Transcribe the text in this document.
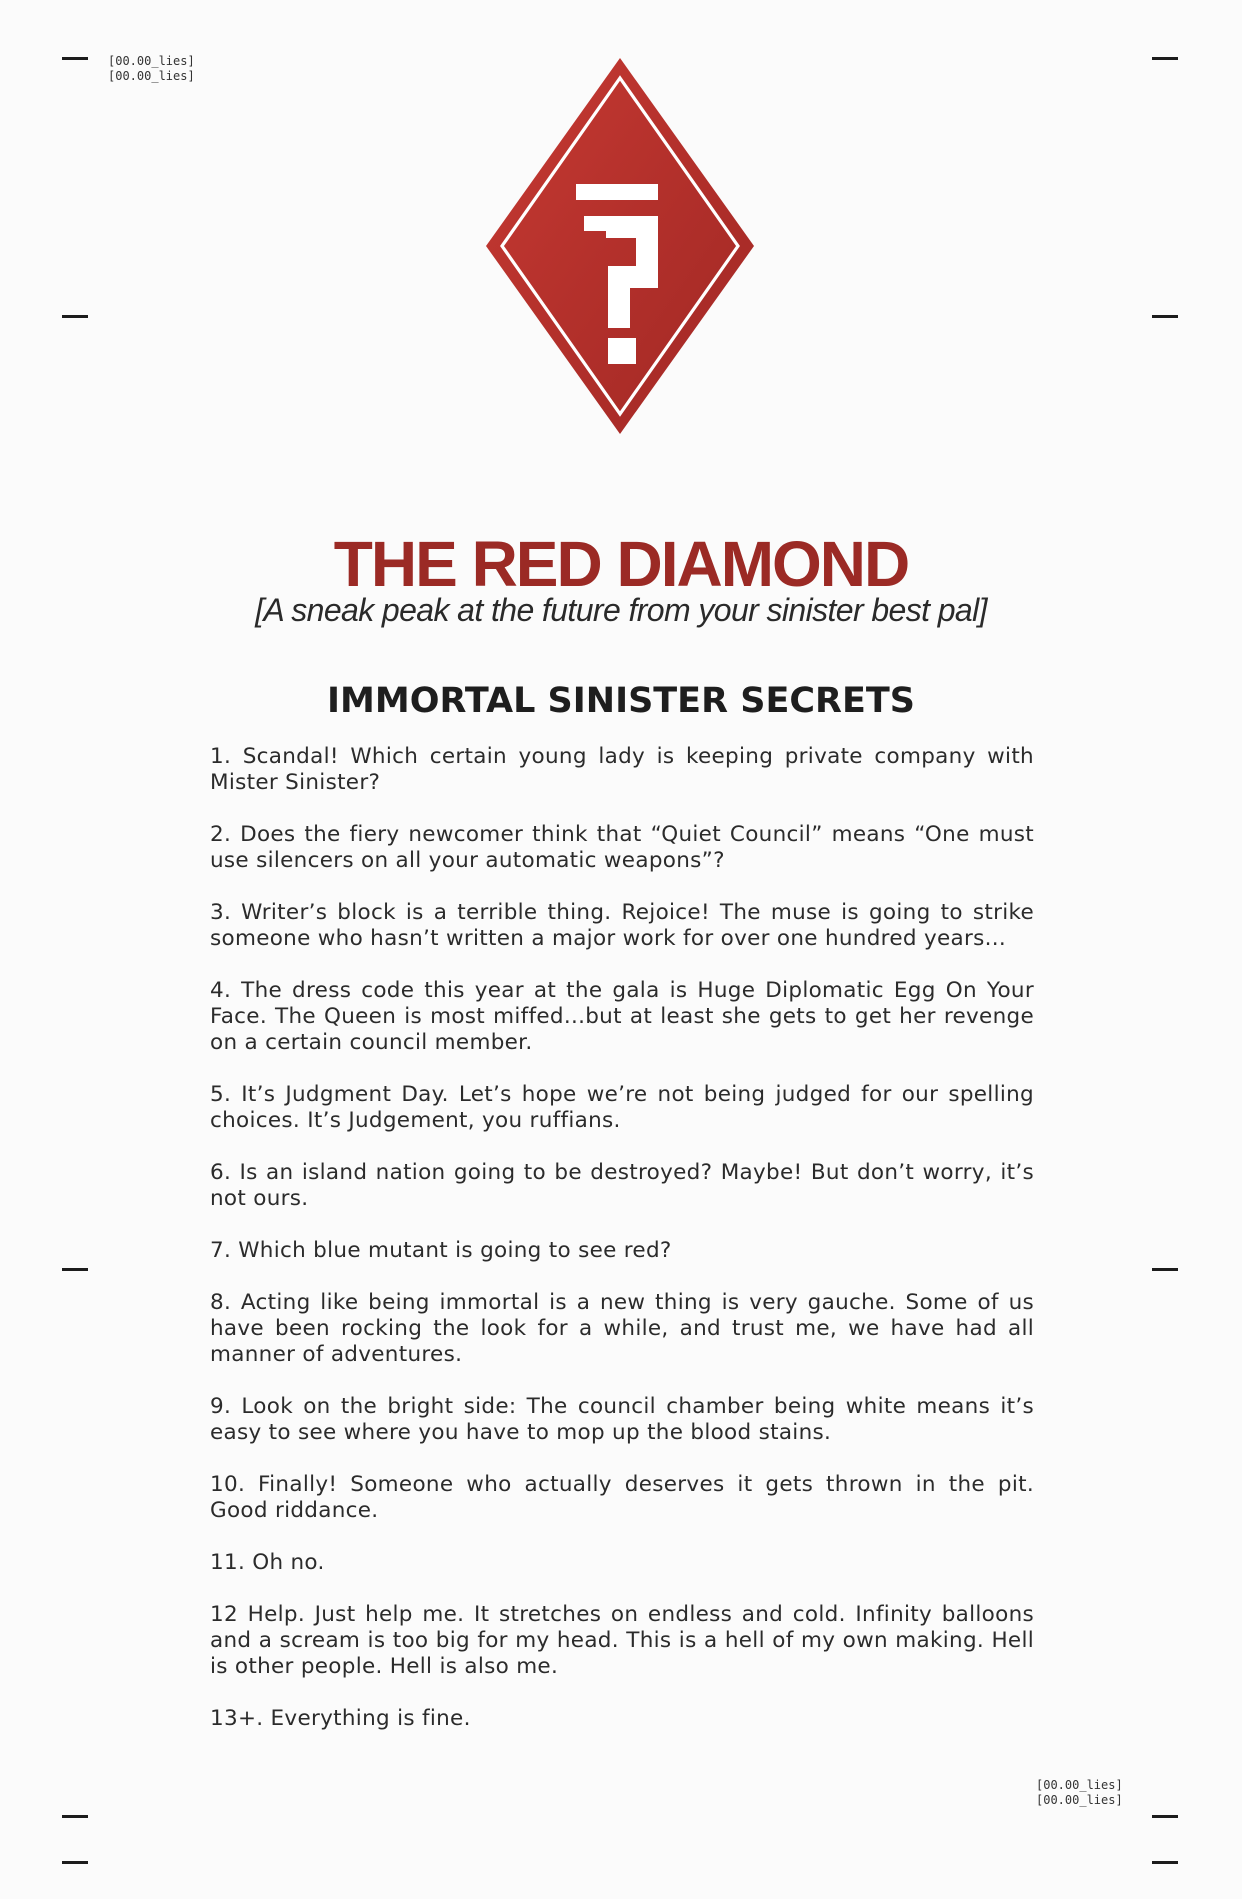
[00.00_lies]
[00.00_lies]
[00.00_lies]
[00.00_lies]
THE RED DIAMOND
[A sneak peak at the future from your sinister best pal]
IMMORTAL SINISTER SECRETS
1. Scandal! Which certain young lady is keeping private company with Mister Sinister?
2. Does the fiery newcomer think that “Quiet Council” means “One must use silencers on all your automatic weapons”?
3. Writer’s block is a terrible thing. Rejoice! The muse is going to strike someone who hasn’t written a major work for over one hundred years...
4. The dress code this year at the gala is Huge Diplomatic Egg On Your Face. The Queen is most miffed...but at least she gets to get her revenge on a certain council member.
5. It’s Judgment Day. Let’s hope we’re not being judged for our spelling choices. It’s Judgement, you ruffians.
6. Is an island nation going to be destroyed? Maybe! But don’t worry, it’s not ours.
7. Which blue mutant is going to see red?
8. Acting like being immortal is a new thing is very gauche. Some of us have been rocking the look for a while, and trust me, we have had all manner of adventures.
9. Look on the bright side: The council chamber being white means it’s easy to see where you have to mop up the blood stains.
10. Finally! Someone who actually deserves it gets thrown in the pit. Good riddance.
11. Oh no.
12 Help. Just help me. It stretches on endless and cold. Infinity balloons and a scream is too big for my head. This is a hell of my own making. Hell is other people. Hell is also me.
13+. Everything is fine.
